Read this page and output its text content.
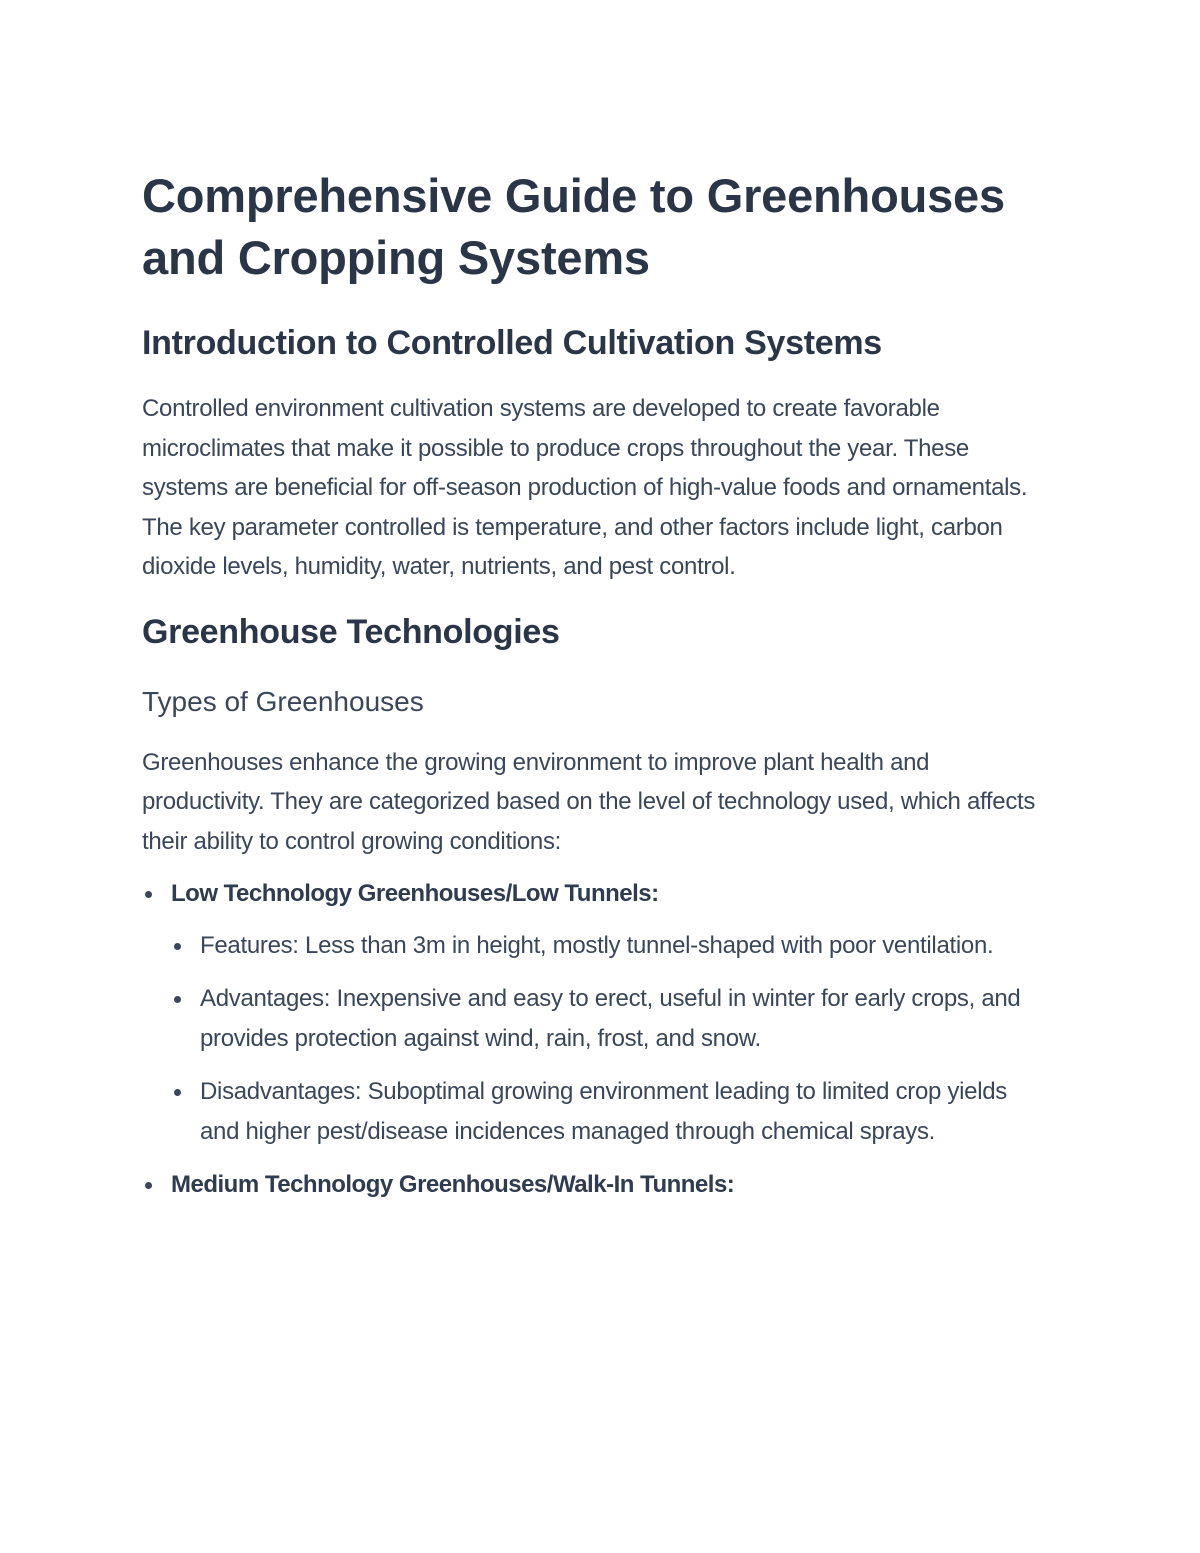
Comprehensive Guide to Greenhouses and Cropping Systems
Introduction to Controlled Cultivation Systems

Controlled environment cultivation systems are developed to create favorable microclimates that make it possible to produce crops throughout the year. These systems are beneficial for off-season production of high-value foods and ornamentals. The key parameter controlled is temperature, and other factors include light, carbon dioxide levels, humidity, water, nutrients, and pest control.

Greenhouse Technologies
Types of Greenhouses

Greenhouses enhance the growing environment to improve plant health and productivity. They are categorized based on the level of technology used, which affects their ability to control growing conditions:

Low Technology Greenhouses/Low Tunnels:
Features: Less than 3m in height, mostly tunnel-shaped with poor ventilation.
Advantages: Inexpensive and easy to erect, useful in winter for early crops, and provides protection against wind, rain, frost, and snow.
Disadvantages: Suboptimal growing environment leading to limited crop yields and higher pest/disease incidences managed through chemical sprays.
Medium Technology Greenhouses/Walk-In Tunnels:
